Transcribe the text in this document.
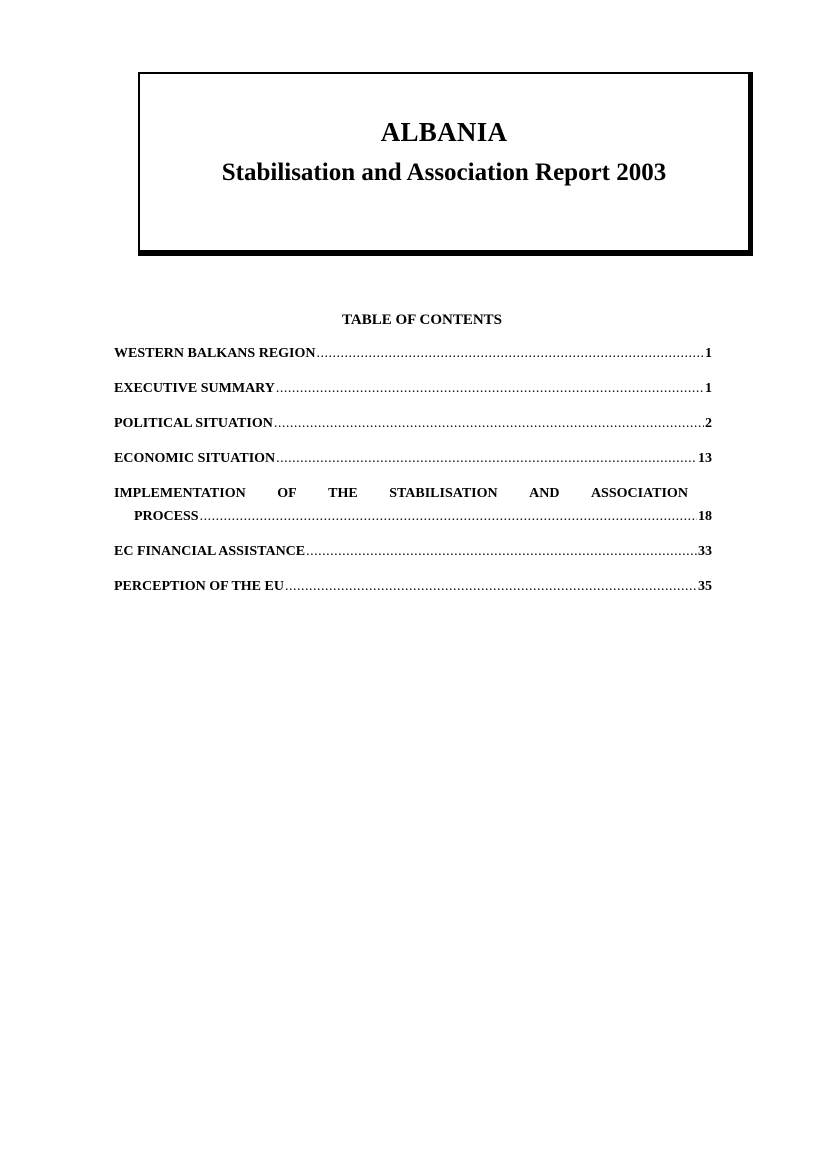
ALBANIA
Stabilisation and Association Report 2003
TABLE OF CONTENTS
WESTERN BALKANS REGION .....	1
EXECUTIVE SUMMARY .....	1
POLITICAL SITUATION .....	2
ECONOMIC SITUATION .....	13
IMPLEMENTATION OF THE STABILISATION AND ASSOCIATION
PROCESS .....	18
EC FINANCIAL ASSISTANCE .....	33
PERCEPTION OF THE EU .....	35
